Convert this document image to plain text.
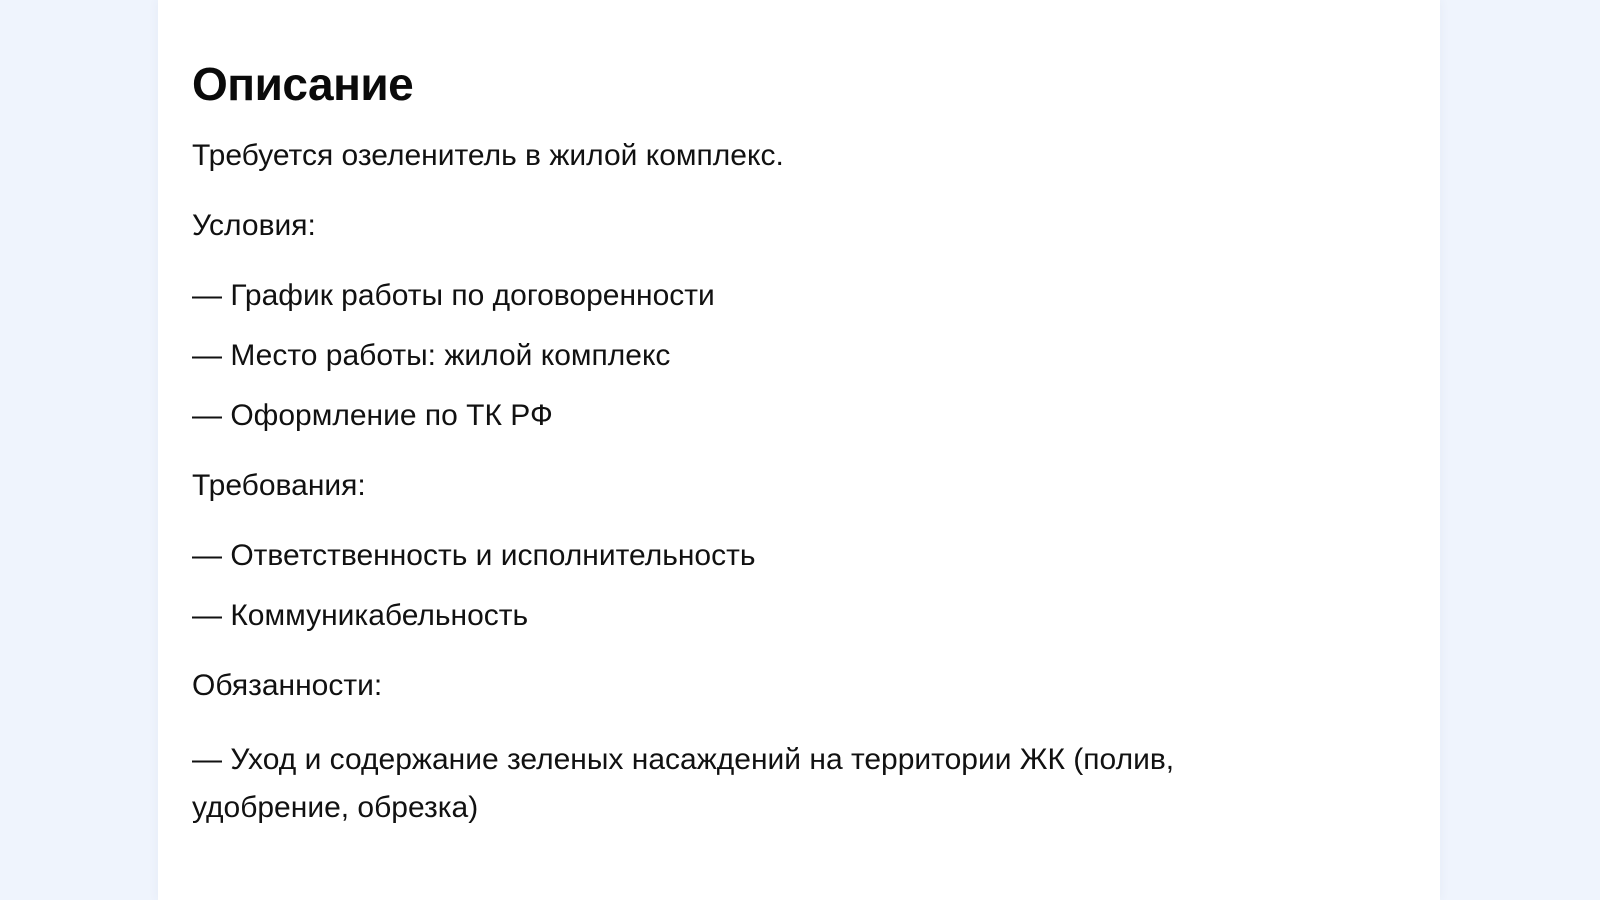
Описание

Требуется озеленитель в жилой комплекс.

Условия:

— График работы по договоренности
— Место работы: жилой комплекс
— Оформление по ТК РФ

Требования:

— Ответственность и исполнительность
— Коммуникабельность

Обязанности:

— Уход и содержание зеленых насаждений на территории ЖК (полив, удобрение, обрезка)
